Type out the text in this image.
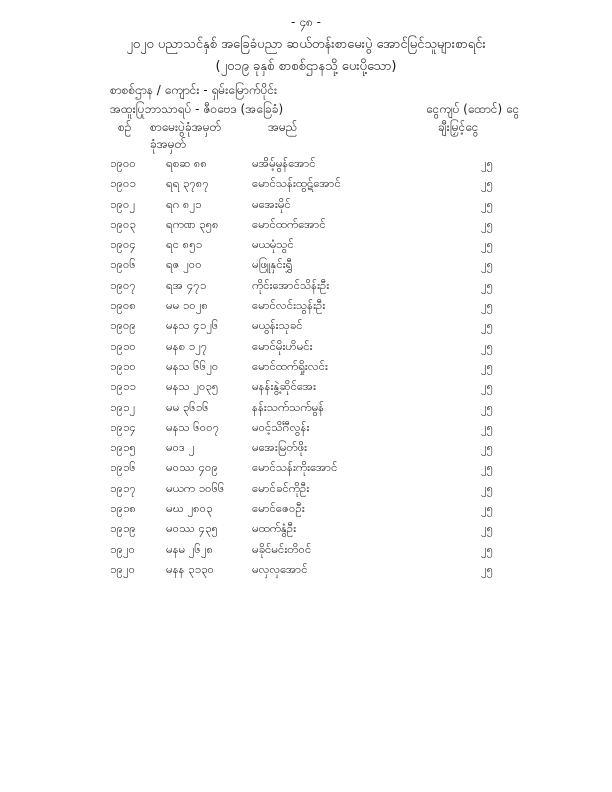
- ၄၈ -
၂၀၂၀ ပညာသင်နှစ် အခြေခံပညာ ဆယ်တန်းစာမေးပွဲ အောင်မြင်သူများစာရင်း
(၂၀၁၉ ခုနှစ် စာစစ်ဌာနသို့ ပေးပို့သော)
စာစစ်ဌာန / ကျောင်း - ရှမ်းမြောက်ပိုင်း
အထူးပြုဘာသာရပ် - ဇီဝဗေဒ (အခြေခံ)	ငွေကျပ် (ထောင်) ငွေ
စဉ် စာမေးပွဲခုံအမှတ်
ခုံအမှတ်
အမည်	ချီးမြှင့်ငွေ
၁၉၀၀	ရစဆ ၈၈	မအိမ့်မွန်အောင်	၂၅
၁၉၀၁	ရရ ၃၇၈၇	မောင်သန်းထွဋ်အောင်	၂၅
၁၉၀၂	ရဂ ၈၂၁	မအေးမိုင်	၂၅
၁၉၀၃	ရကဏ ၃၅၈	မောင်ထက်အောင်	၂၅
၁၉၀၄	ရင ၈၅၁	မယမုံသွင်	၂၅
၁၉၀၆	ရဇ ၂၀၀	မဖြူနှင်းရွှီ	၂၅
၁၉၀၇	ရအ ၄၇၁	ကိုင်းအောင်သိန်းဦး	၂၅
၁၉၀၈	မမ ၁၀၂၈	မောင်လင်းသွန်းဦး	၂၅
၁၉၀၉	မနသ ၄၁၂၆	မယွန်းသုခင်	၂၅
၁၉၁၀	မနစ ၁၂၇	မောင်မိုးဟိမင်း	၂၅
၁၉၁၀	မနသ ၆၆၂၀	မောင်ထက်ရှိုးလင်း	၂၅
၁၉၁၁	မနသ ၂၀၃၅	မနန်းနွဲ့ဆိုင်အေး	၂၅
၁၉၁၂	မမ ၃၆၁၆	နန်းသက်သက်မွန်	၂၅
၁၉၁၄	မနသ ၆၀၀၇	မဝင့်သိင်္ဂီလွန်း	၂၅
၁၉၁၅	မဝဒ ၂	မအေးမြတ်ဖိုး	၂၅
၁၉၁၆	မဝဿ ၄၀၉	မောင်သန်းကိုးအောင်	၂၅
၁၉၁၇	မယက ၁၀၆၆	မောင်ခင်ကိုဦး	၂၅
၁၉၁၈	မဃ ၂၈၀၃	မောင်ဇေဝဦး	၂၅
၁၉၁၉	မဝဿ ၄၃၅	မထက်နွံဦး	၂၅
၁၉၂၀	မနမ ၂၆၂၈	မခိုင်မင်းတိဝင်	၂၅
၁၉၂၀	မနန ၃၁၃၀	မလှလှအောင်	၂၅
